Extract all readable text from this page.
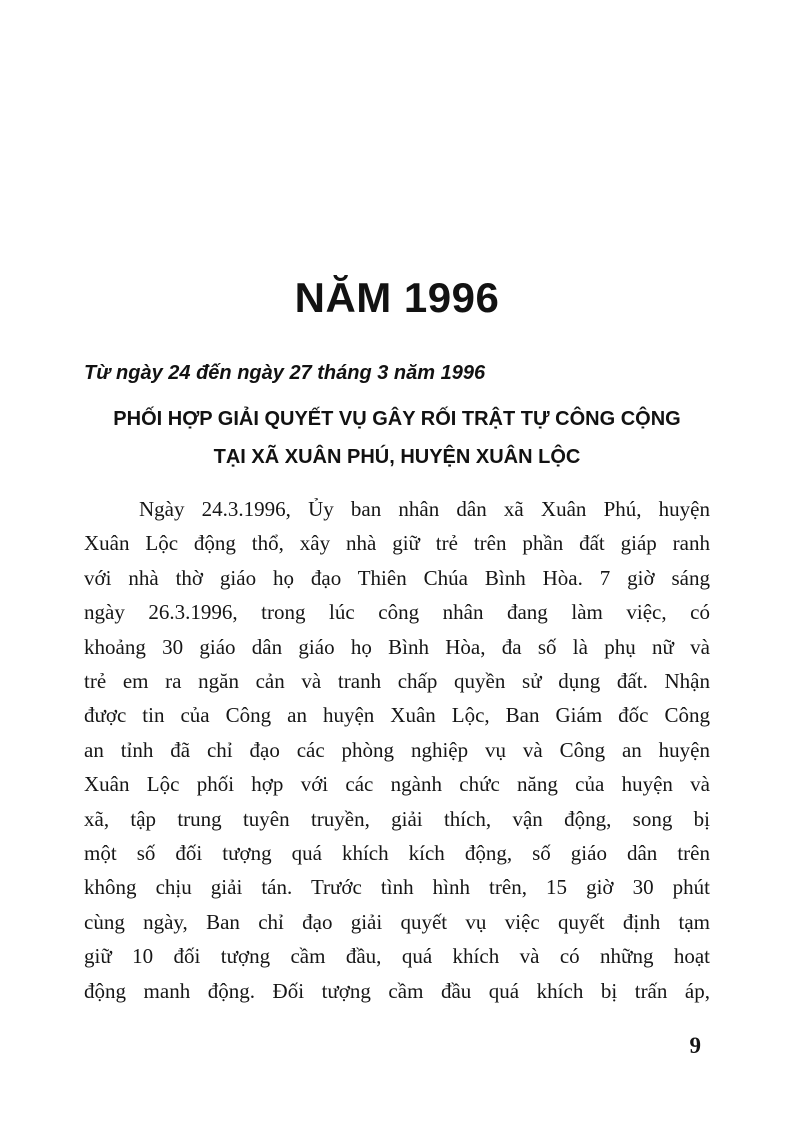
NĂM 1996

Từ ngày 24 đến ngày 27 tháng 3 năm 1996

PHỐI HỢP GIẢI QUYẾT VỤ GÂY RỐI TRẬT TỰ CÔNG CỘNG
TẠI XÃ XUÂN PHÚ, HUYỆN XUÂN LỘC
Ngày 24.3.1996, Ủy ban nhân dân xã Xuân Phú, huyện
Xuân Lộc động thổ, xây nhà giữ trẻ trên phần đất giáp ranh
với nhà thờ giáo họ đạo Thiên Chúa Bình Hòa. 7 giờ sáng
ngày 26.3.1996, trong lúc công nhân đang làm việc, có
khoảng 30 giáo dân giáo họ Bình Hòa, đa số là phụ nữ và
trẻ em ra ngăn cản và tranh chấp quyền sử dụng đất. Nhận
được tin của Công an huyện Xuân Lộc, Ban Giám đốc Công
an tỉnh đã chỉ đạo các phòng nghiệp vụ và Công an huyện
Xuân Lộc phối hợp với các ngành chức năng của huyện và
xã, tập trung tuyên truyền, giải thích, vận động, song bị
một số đối tượng quá khích kích động, số giáo dân trên
không chịu giải tán. Trước tình hình trên, 15 giờ 30 phút
cùng ngày, Ban chỉ đạo giải quyết vụ việc quyết định tạm
giữ 10 đối tượng cầm đầu, quá khích và có những hoạt
động manh động. Đối tượng cầm đầu quá khích bị trấn áp,
9
